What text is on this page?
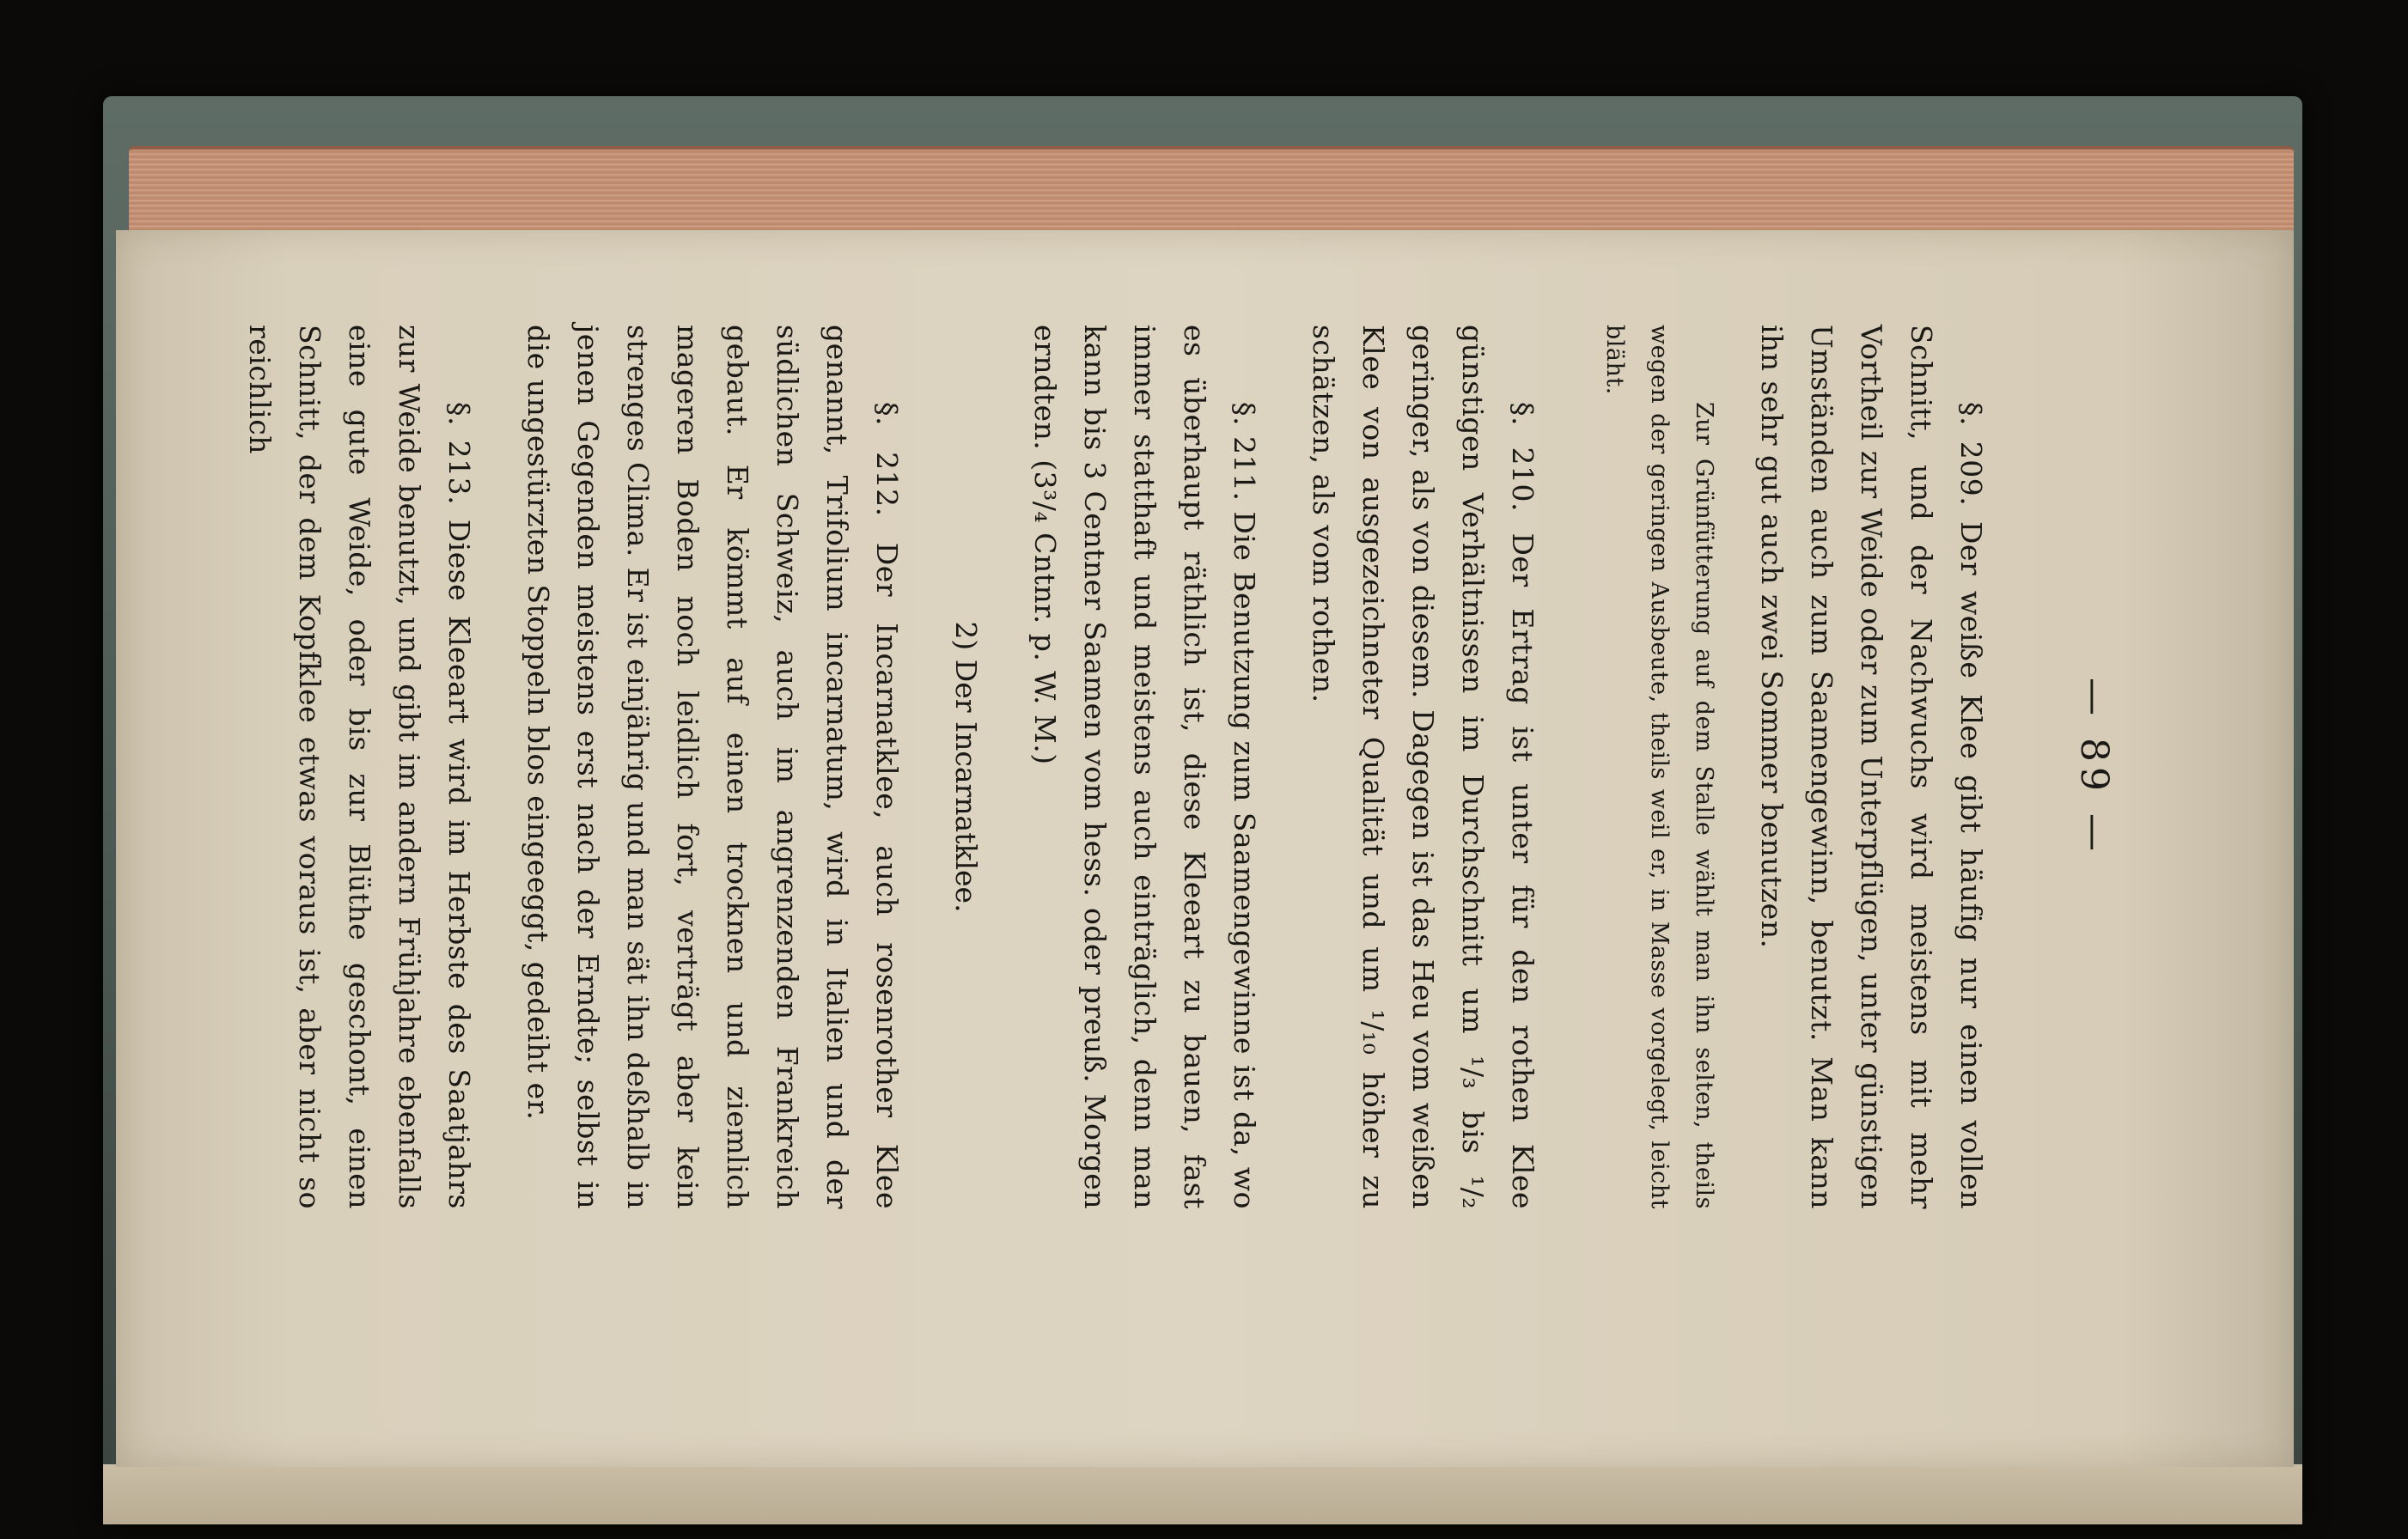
— 89 —

§. 209. Der weiße Klee gibt häufig nur einen vollen Schnitt, und der Nachwuchs wird meistens mit mehr Vortheil zur Weide oder zum Unterpflügen, unter günstigen Umständen auch zum Saamengewinn, benutzt. Man kann ihn sehr gut auch zwei Sommer benutzen.

Zur Grünfütterung auf dem Stalle wählt man ihn selten, theils wegen der geringen Ausbeute, theils weil er, in Masse vorgelegt, leicht bläht.

§. 210. Der Ertrag ist unter für den rothen Klee günstigen Verhältnissen im Durchschnitt um ¹/₃ bis ¹/₂ geringer, als von diesem. Dagegen ist das Heu vom weißen Klee von ausgezeichneter Qualität und um ¹/₁₀ höher zu schätzen, als vom rothen.

§. 211. Die Benutzung zum Saamengewinne ist da, wo es überhaupt räthlich ist, diese Kleeart zu bauen, fast immer statthaft und meistens auch einträglich, denn man kann bis 3 Centner Saamen vom hess. oder preuß. Morgen erndten. (3³/₄ Cntnr. p. W. M.)

2) Der Incarnatklee.

§. 212. Der Incarnatklee, auch rosenrother Klee genannt, Trifolium incarnatum, wird in Italien und der südlichen Schweiz, auch im angrenzenden Frankreich gebaut. Er kömmt auf einen trocknen und ziemlich mageren Boden noch leidlich fort, verträgt aber kein strenges Clima. Er ist einjährig und man sät ihn deßhalb in jenen Gegenden meistens erst nach der Erndte; selbst in die ungestürzten Stoppeln blos eingeeggt, gedeiht er.

§. 213. Diese Kleeart wird im Herbste des Saatjahrs zur Weide benutzt, und gibt im andern Frühjahre ebenfalls eine gute Weide, oder bis zur Blüthe geschont, einen Schnitt, der dem Kopfklee etwas voraus ist, aber nicht so reichlich
